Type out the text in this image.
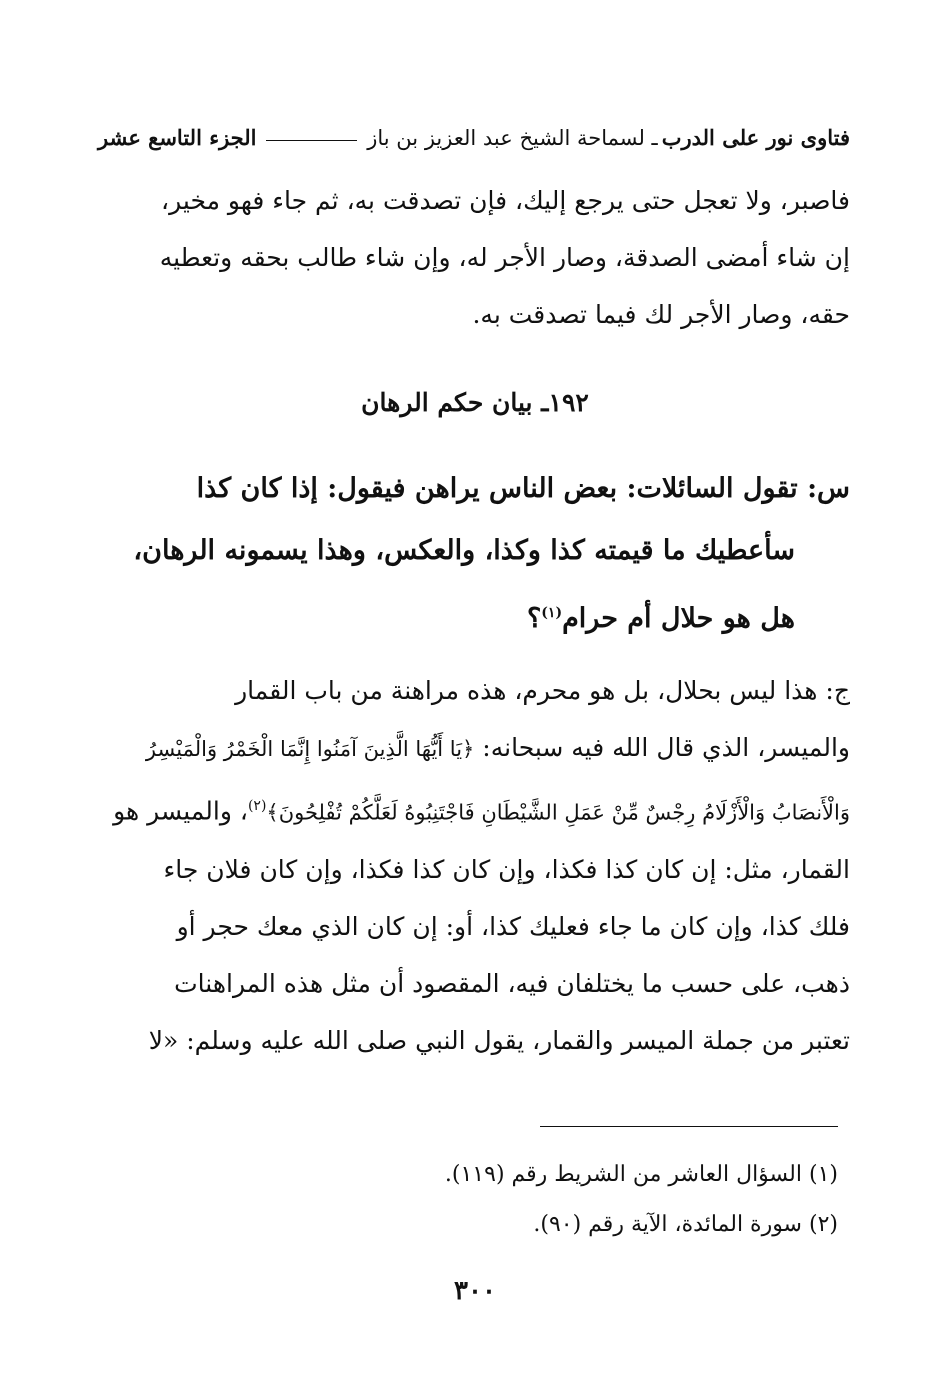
فتاوى نور على الدرب
ـ لسماحة الشيخ عبد العزيز بن باز
الجزء التاسع عشر
فاصبر، ولا تعجل حتى يرجع إليك، فإن تصدقت به، ثم جاء فهو مخير،
إن شاء أمضى الصدقة، وصار الأجر له، وإن شاء طالب بحقه وتعطيه
حقه، وصار الأجر لك فيما تصدقت به.
١٩٢ـ بيان حكم الرهان
س: تقول السائلات: بعض الناس يراهن فيقول: إذا كان كذا
سأعطيك ما قيمته كذا وكذا، والعكس، وهذا يسمونه الرهان،
هل هو حلال أم حرام$^{(١)}$؟
ج: هذا ليس بحلال، بل هو محرم، هذه مراهنة من باب القمار
والميسر، الذي قال الله فيه سبحانه: ﴿يَا أَيُّهَا الَّذِينَ آمَنُوا إِنَّمَا الْخَمْرُ وَالْمَيْسِرُ
وَالْأَنصَابُ وَالْأَزْلَامُ رِجْسٌ مِّنْ عَمَلِ الشَّيْطَانِ فَاجْتَنِبُوهُ لَعَلَّكُمْ تُفْلِحُونَ﴾$^{(٢)}$، والميسر هو
القمار، مثل: إن كان كذا فكذا، وإن كان كذا فكذا، وإن كان فلان جاء
فلك كذا، وإن كان ما جاء فعليك كذا، أو: إن كان الذي معك حجر أو
ذهب، على حسب ما يختلفان فيه، المقصود أن مثل هذه المراهنات
تعتبر من جملة الميسر والقمار، يقول النبي صلى الله عليه وسلم: «لا
(١) السؤال العاشر من الشريط رقم (١١٩).
(٢) سورة المائدة، الآية رقم (٩٠).
٣٠٠
